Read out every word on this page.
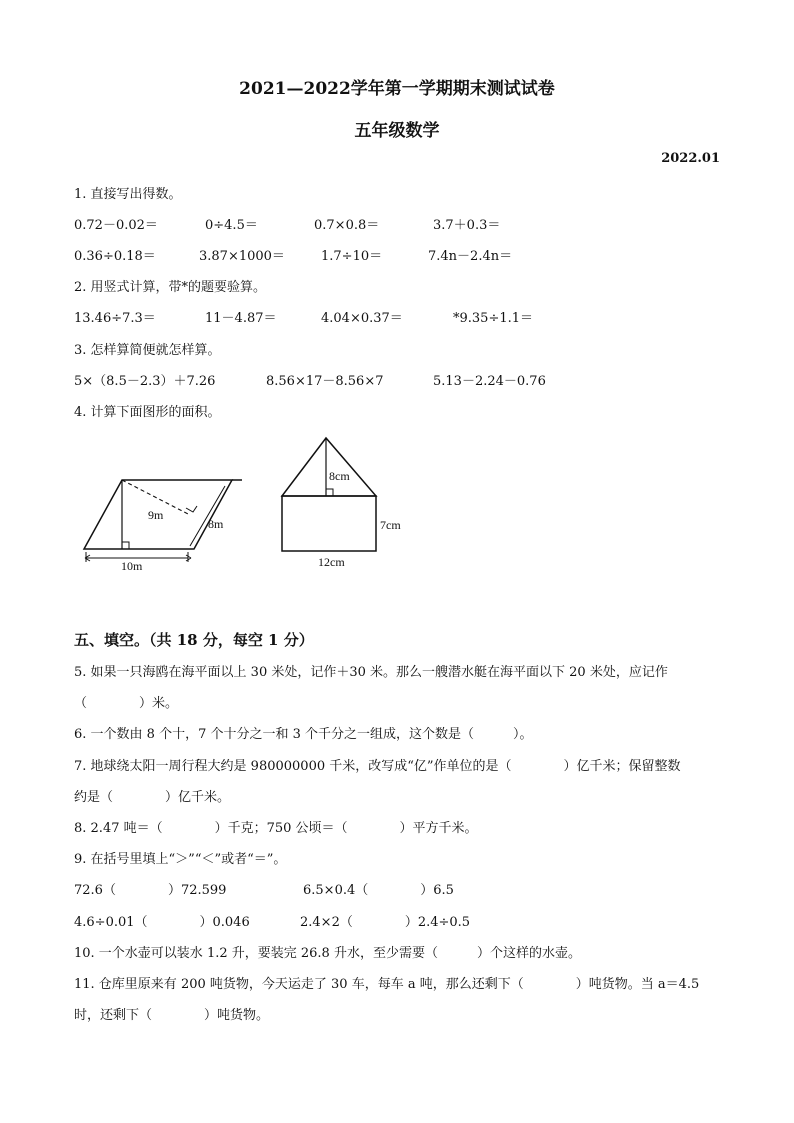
2021—2022学年第一学期期末测试试卷
五年级数学
2022.01
1. 直接写出得数。
0.72－0.02＝	0÷4.5＝	0.7×0.8＝	3.7＋0.3＝
0.36÷0.18＝	3.87×1000＝	1.7÷10＝	7.4n－2.4n＝
2. 用竖式计算，带*的题要验算。
13.46÷7.3＝	11－4.87＝	4.04×0.37＝	*9.35÷1.1＝
3. 怎样算简便就怎样算。
5×（8.5－2.3）＋7.26	8.56×17－8.56×7	5.13－2.24－0.76
4. 计算下面图形的面积。
9m
8m
10m
8cm
7cm
12cm
五、填空。（共 18 分，每空 1 分）
5. 如果一只海鸥在海平面以上 30 米处，记作＋30 米。那么一艘潜水艇在海平面以下 20 米处，应记作
（　　　　）米。
6. 一个数由 8 个十，7 个十分之一和 3 个千分之一组成，这个数是（　　　）。
7. 地球绕太阳一周行程大约是 980000000 千米，改写成“亿”作单位的是（　　　　）亿千米；保留整数
约是（　　　　）亿千米。
8. 2.47 吨＝（　　　　）千克；750 公顷＝（　　　　）平方千米。
9. 在括号里填上“＞”“＜”或者“＝”。
72.6（　　　　）72.599	6.5×0.4（　　　　）6.5
4.6÷0.01（　　　　）0.046	2.4×2（　　　　）2.4÷0.5
10. 一个水壶可以装水 1.2 升，要装完 26.8 升水，至少需要（　　　）个这样的水壶。
11. 仓库里原来有 200 吨货物，今天运走了 30 车，每车 a 吨，那么还剩下（　　　　）吨货物。当 a＝4.5
时，还剩下（　　　　）吨货物。
